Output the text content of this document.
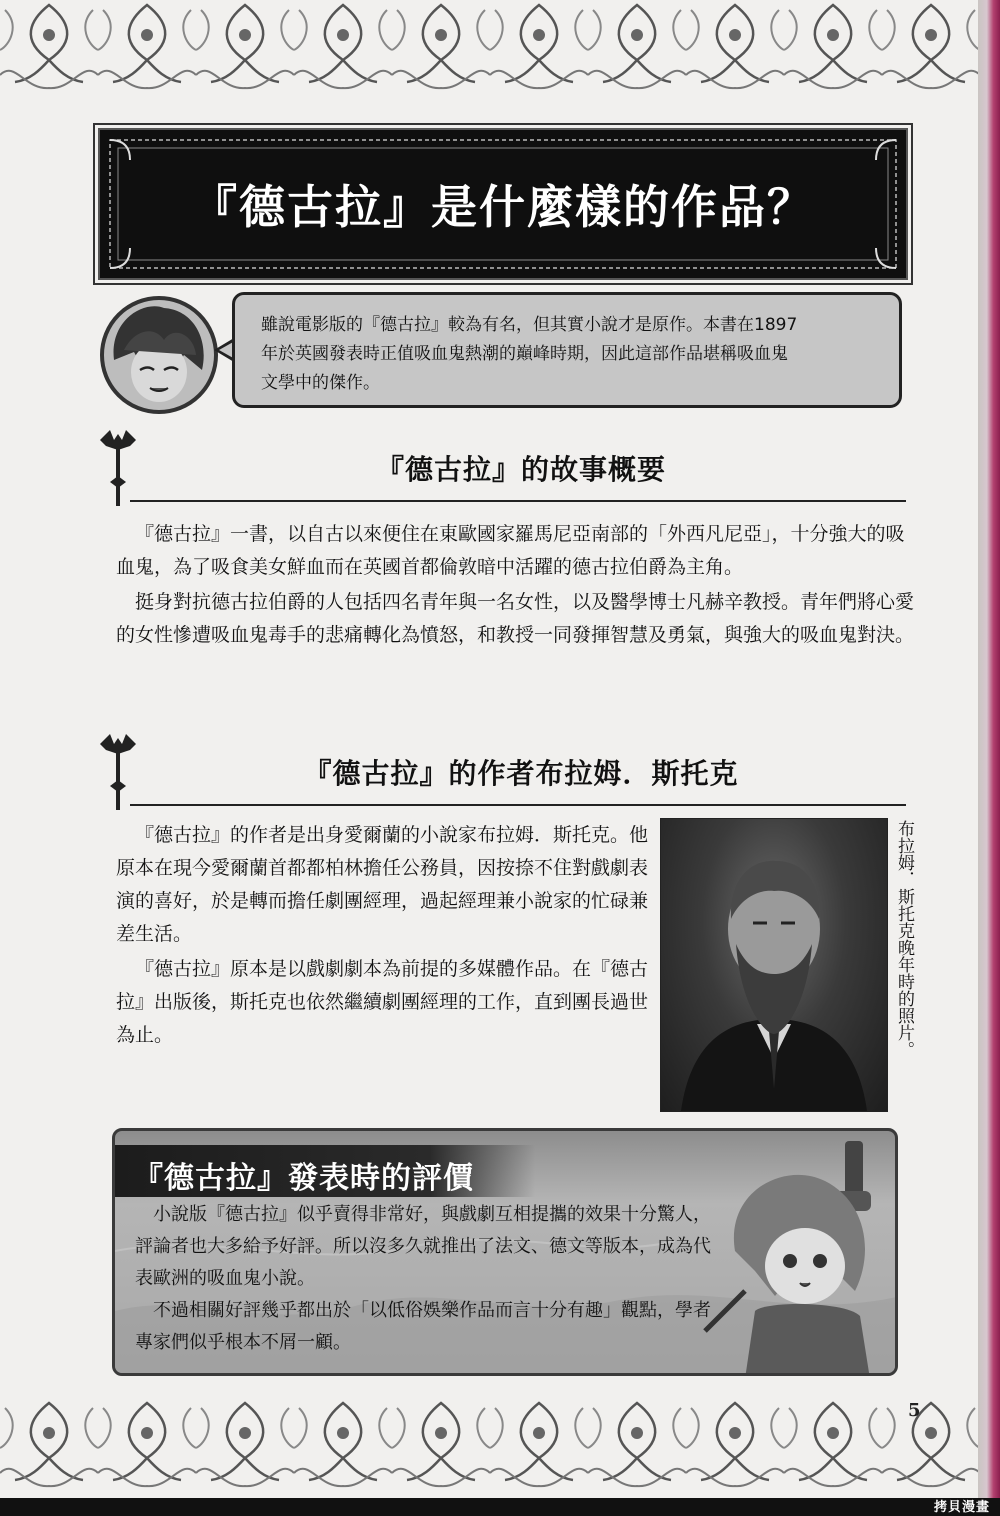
『德古拉』是什麼樣的作品？

雖說電影版的『德古拉』較為有名，但其實小說才是原作。本書在1897

年於英國發表時正值吸血鬼熱潮的巔峰時期，因此這部作品堪稱吸血鬼

文學中的傑作。

『德古拉』的故事概要

『德古拉』一書，以自古以來便住在東歐國家羅馬尼亞南部的「外西凡尼亞」，十分強大的吸血鬼，為了吸食美女鮮血而在英國首都倫敦暗中活躍的德古拉伯爵為主角。

挺身對抗德古拉伯爵的人包括四名青年與一名女性，以及醫學博士凡赫辛教授。青年們將心愛的女性慘遭吸血鬼毒手的悲痛轉化為憤怒，和教授一同發揮智慧及勇氣，與強大的吸血鬼對決。

『德古拉』的作者布拉姆．斯托克

『德古拉』的作者是出身愛爾蘭的小說家布拉姆．斯托克。他原本在現今愛爾蘭首都都柏林擔任公務員，因按捺不住對戲劇表演的喜好，於是轉而擔任劇團經理，過起經理兼小說家的忙碌兼差生活。

『德古拉』原本是以戲劇劇本為前提的多媒體作品。在『德古拉』出版後，斯托克也依然繼續劇團經理的工作，直到團長過世為止。	布拉姆．斯托克晚年時的照片。
『德古拉』發表時的評價

小說版『德古拉』似乎賣得非常好，與戲劇互相提攜的效果十分驚人，評論者也大多給予好評。所以沒多久就推出了法文、德文等版本，成為代表歐洲的吸血鬼小說。

不過相關好評幾乎都出於「以低俗娛樂作品而言十分有趣」觀點，學者專家們似乎根本不屑一顧。

5
拷貝漫畫
